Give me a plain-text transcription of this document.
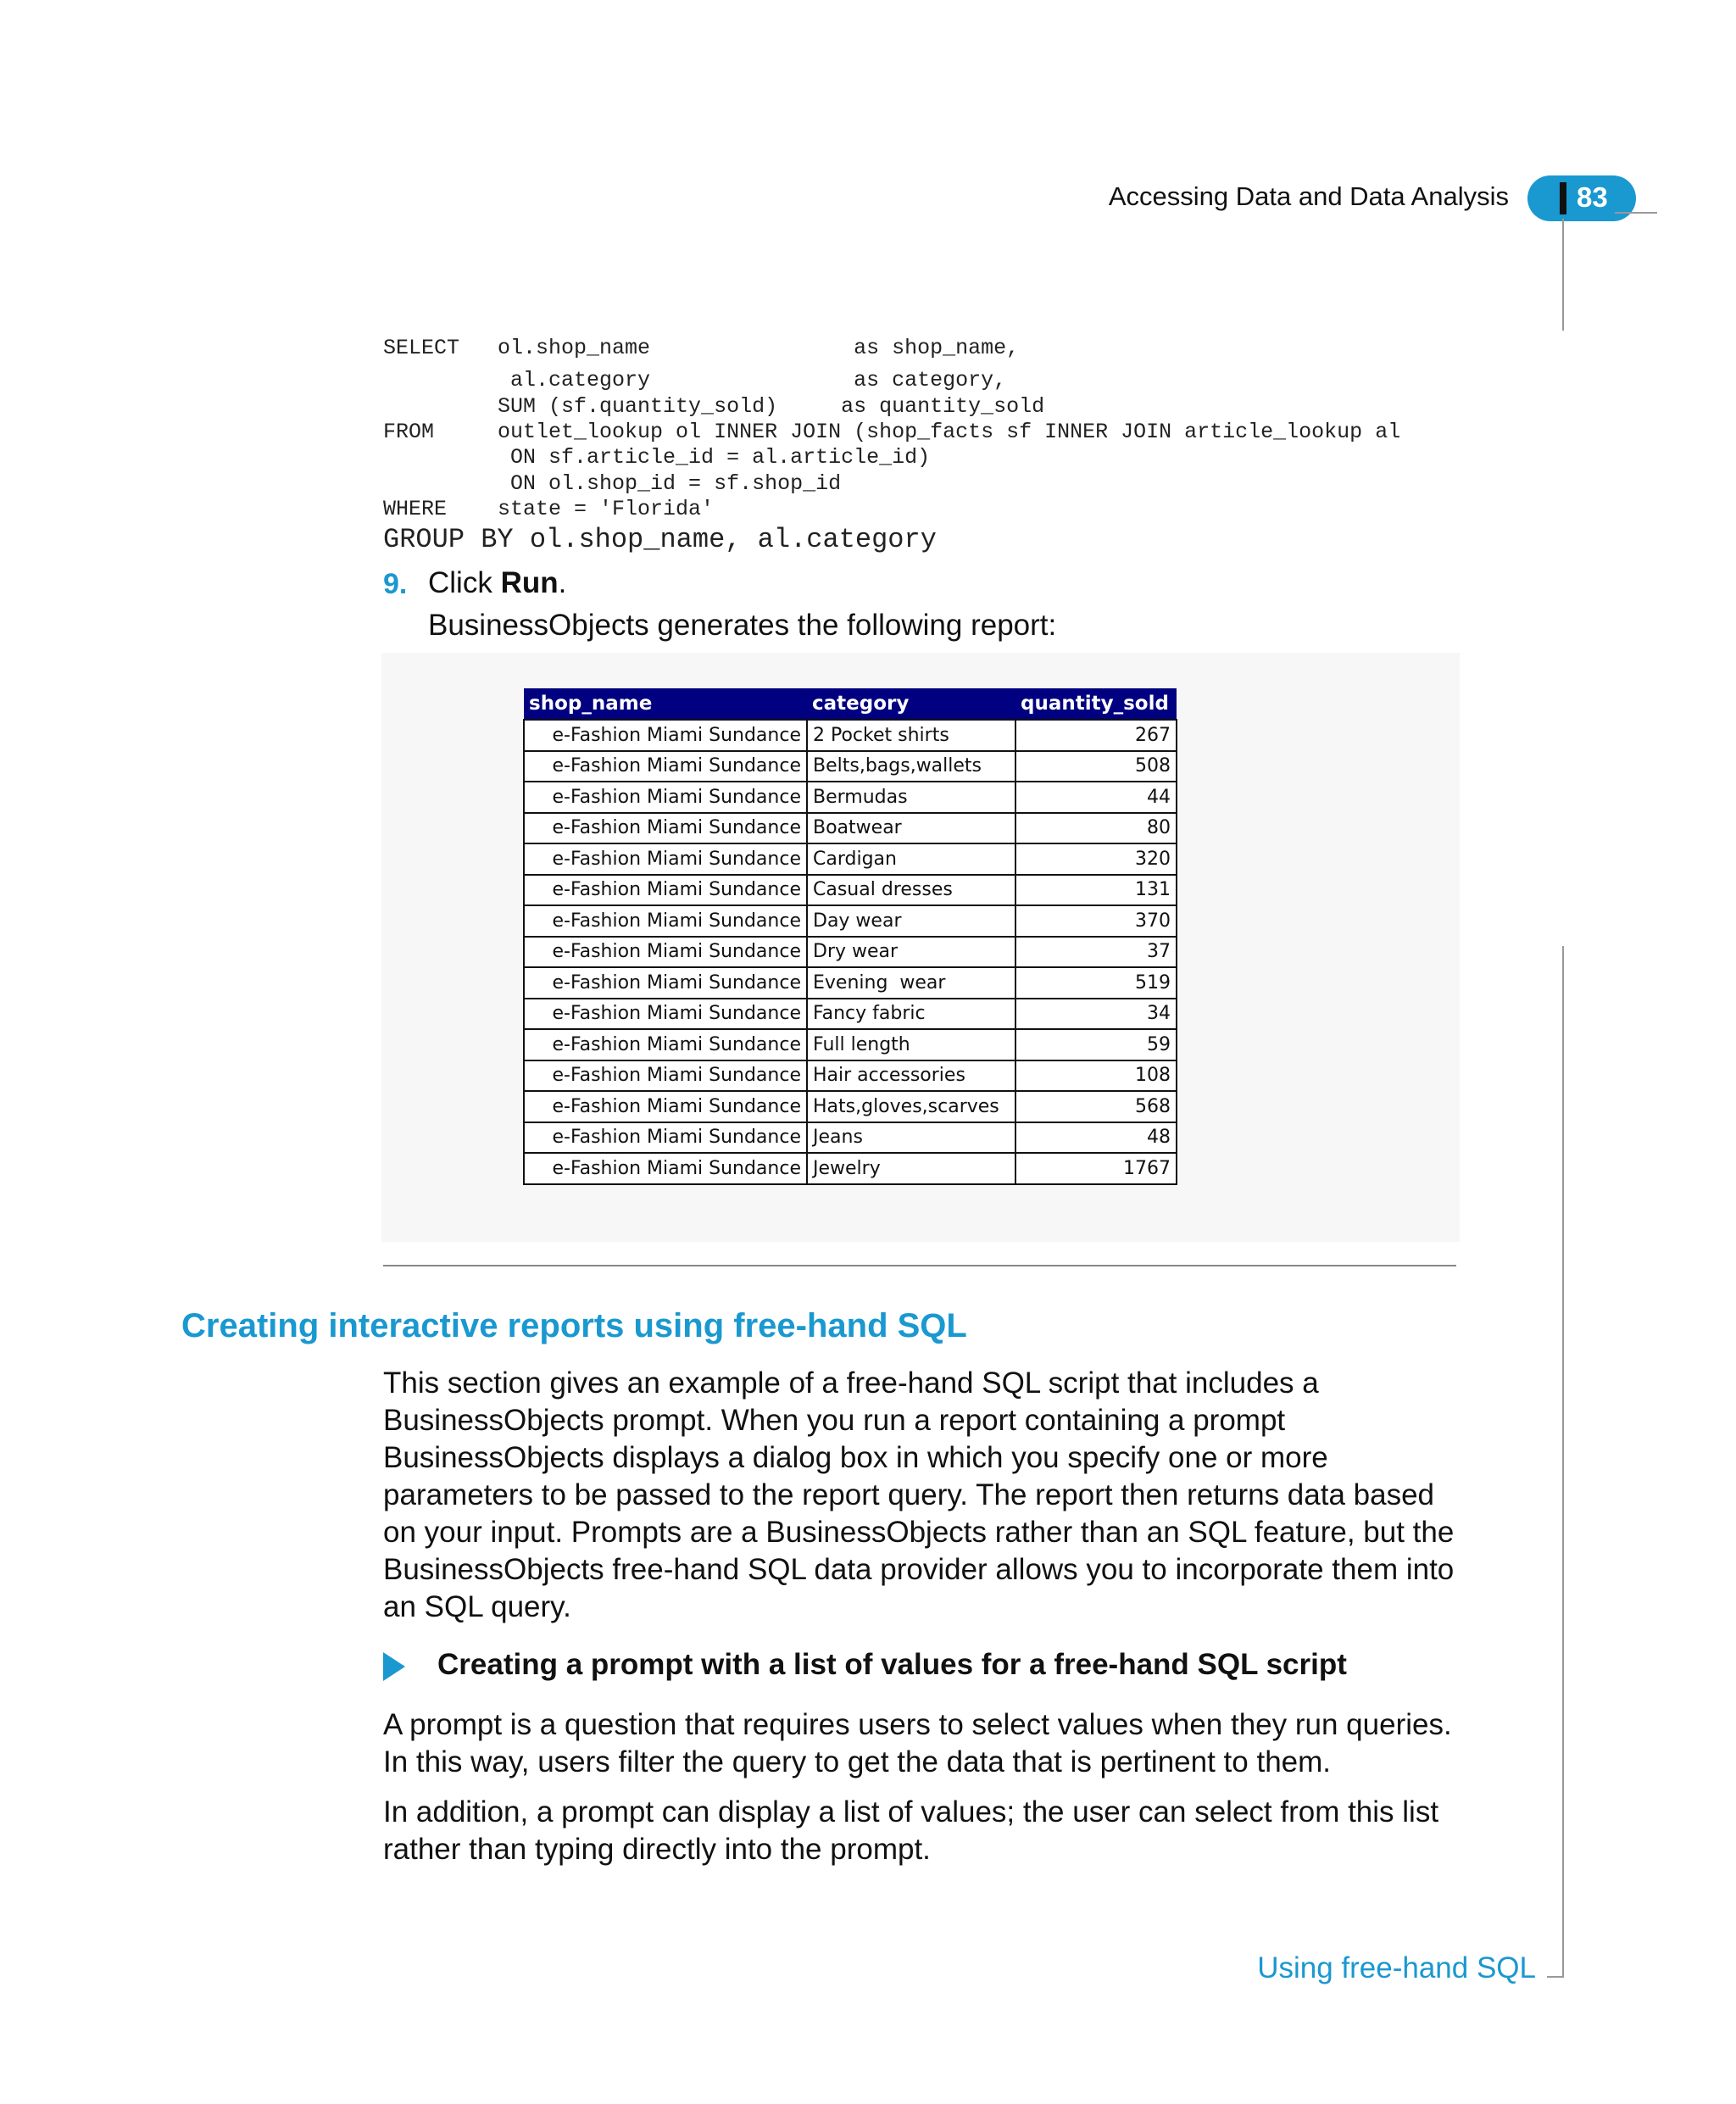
Accessing Data and Data Analysis 83
SELECT   ol.shop_name                as shop_name,
al.category                as category,
SUM (sf.quantity_sold)     as quantity_sold
FROM     outlet_lookup ol INNER JOIN (shop_facts sf INNER JOIN article_lookup al
ON sf.article_id = al.article_id)
ON ol.shop_id = sf.shop_id
WHERE    state = 'Florida'
GROUP BY ol.shop_name, al.category
9. Click Run.
BusinessObjects generates the following report:
shop_name	category	quantity_sold
e-Fashion Miami Sundance	2 Pocket shirts	267
e-Fashion Miami Sundance	Belts,bags,wallets	508
e-Fashion Miami Sundance	Bermudas	44
e-Fashion Miami Sundance	Boatwear	80
e-Fashion Miami Sundance	Cardigan	320
e-Fashion Miami Sundance	Casual dresses	131
e-Fashion Miami Sundance	Day wear	370
e-Fashion Miami Sundance	Dry wear	37
e-Fashion Miami Sundance	Evening  wear	519
e-Fashion Miami Sundance	Fancy fabric	34
e-Fashion Miami Sundance	Full length	59
e-Fashion Miami Sundance	Hair accessories	108
e-Fashion Miami Sundance	Hats,gloves,scarves	568
e-Fashion Miami Sundance	Jeans	48
e-Fashion Miami Sundance	Jewelry	1767
Creating interactive reports using free-hand SQL
This section gives an example of a free-hand SQL script that includes a BusinessObjects prompt. When you run a report containing a prompt BusinessObjects displays a dialog box in which you specify one or more parameters to be passed to the report query. The report then returns data based on your input. Prompts are a BusinessObjects rather than an SQL feature, but the BusinessObjects free-hand SQL data provider allows you to incorporate them into an SQL query.
Creating a prompt with a list of values for a free-hand SQL script
A prompt is a question that requires users to select values when they run queries. In this way, users filter the query to get the data that is pertinent to them.
In addition, a prompt can display a list of values; the user can select from this list rather than typing directly into the prompt.
Using free-hand SQL
